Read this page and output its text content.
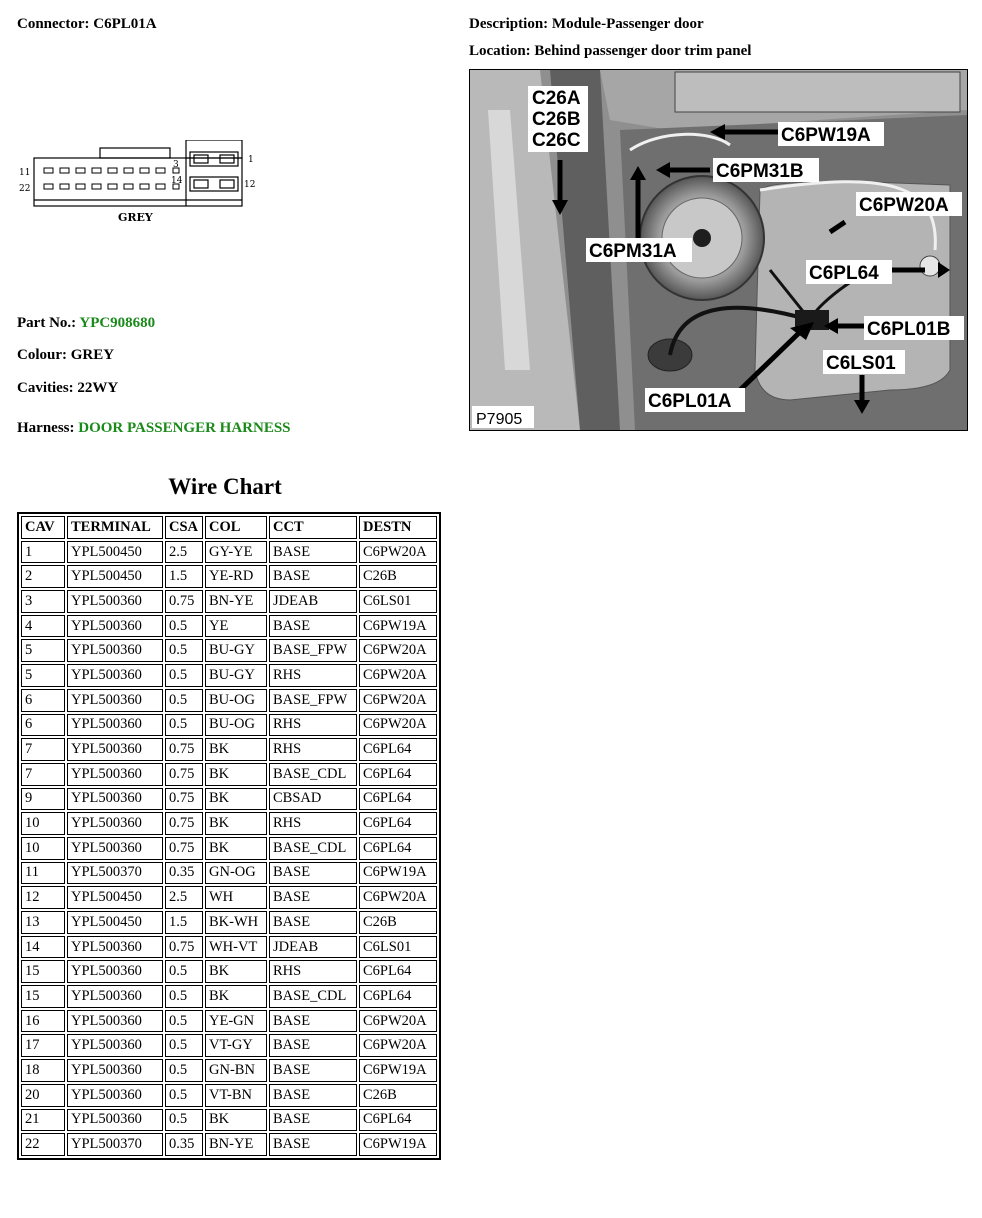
Connector: C6PL01A	Description: Module-Passenger door
Location: Behind passenger door trim panel
1
3
11
12
14
22
GREY
C26A
C26B
C26C	C6PW19A
C6PM31B
C6PW20A
C6PM31A
C6PL64
C6PL01B
C6LS01
C6PL01A
P7905
Part No.: YPC908680
Colour: GREY
Cavities: 22WY
Harness: DOOR PASSENGER HARNESS
Wire Chart
CAV	TERMINAL	CSA	COL	CCT	DESTN
1	YPL500450	2.5	GY-YE	BASE	C6PW20A
2	YPL500450	1.5	YE-RD	BASE	C26B
3	YPL500360	0.75	BN-YE	JDEAB	C6LS01
4	YPL500360	0.5	YE	BASE	C6PW19A
5	YPL500360	0.5	BU-GY	BASE_FPW	C6PW20A
5	YPL500360	0.5	BU-GY	RHS	C6PW20A
6	YPL500360	0.5	BU-OG	BASE_FPW	C6PW20A
6	YPL500360	0.5	BU-OG	RHS	C6PW20A
7	YPL500360	0.75	BK	RHS	C6PL64
7	YPL500360	0.75	BK	BASE_CDL	C6PL64
9	YPL500360	0.75	BK	CBSAD	C6PL64
10	YPL500360	0.75	BK	RHS	C6PL64
10	YPL500360	0.75	BK	BASE_CDL	C6PL64
11	YPL500370	0.35	GN-OG	BASE	C6PW19A
12	YPL500450	2.5	WH	BASE	C6PW20A
13	YPL500450	1.5	BK-WH	BASE	C26B
14	YPL500360	0.75	WH-VT	JDEAB	C6LS01
15	YPL500360	0.5	BK	RHS	C6PL64
15	YPL500360	0.5	BK	BASE_CDL	C6PL64
16	YPL500360	0.5	YE-GN	BASE	C6PW20A
17	YPL500360	0.5	VT-GY	BASE	C6PW20A
18	YPL500360	0.5	GN-BN	BASE	C6PW19A
20	YPL500360	0.5	VT-BN	BASE	C26B
21	YPL500360	0.5	BK	BASE	C6PL64
22	YPL500370	0.35	BN-YE	BASE	C6PW19A
